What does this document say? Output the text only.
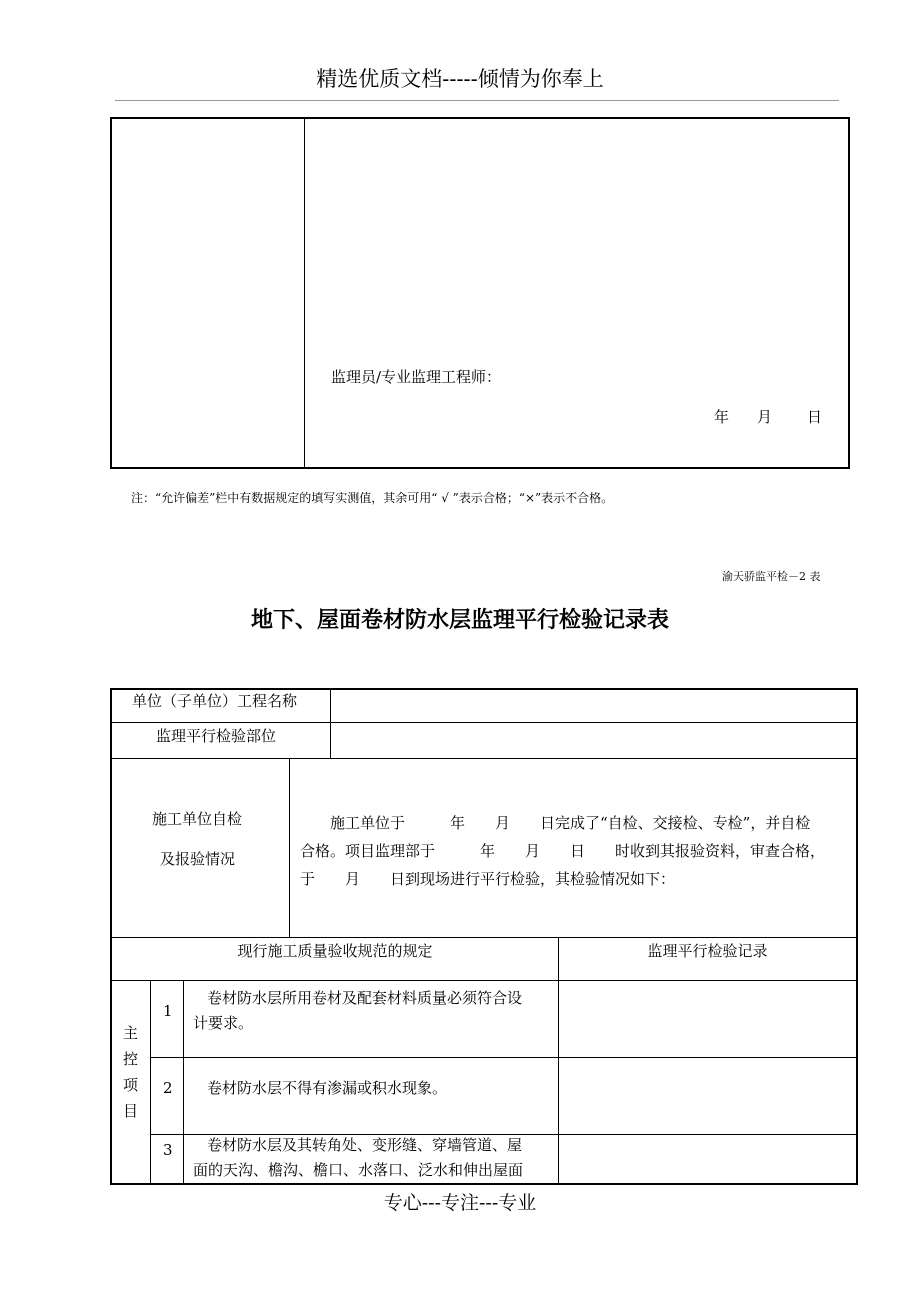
精选优质文档-----倾情为你奉上
监理员/专业监理工程师：
年 月 日
注：“允许偏差”栏中有数据规定的填写实测值，其余可用“ √ ”表示合格；“×”表示不合格。
渝天骄监平检－2 表
地下、屋面卷材防水层监理平行检验记录表
单位（子单位）工程名称
监理平行检验部位
施工单位自检
及报验情况
施工单位于　　　年　　月　　日完成了“自检、交接检、专检”，并自检
合格。项目监理部于　　　年　　月　　日　　时收到其报验资料，审查合格，
于　　月　　日到现场进行平行检验，其检验情况如下：
现行施工质量验收规范的规定	监理平行检验记录
主
控
项
目
1
卷材防水层所用卷材及配套材料质量必须符合设
计要求。
2 卷材防水层不得有渗漏或积水现象。
3 卷材防水层及其转角处、变形缝、穿墙管道、屋
面的天沟、檐沟、檐口、水落口、泛水和伸出屋面
专心---专注---专业
